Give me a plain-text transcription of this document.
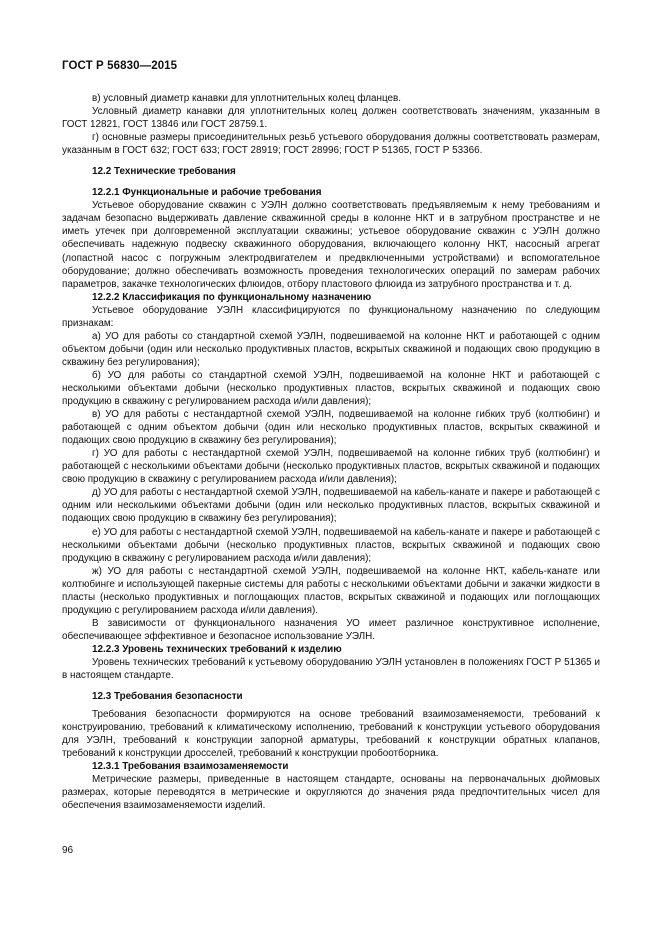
ГОСТ Р 56830—2015

в) условный диаметр канавки для уплотнительных колец фланцев.

Условный диаметр канавки для уплотнительных колец должен соответствовать значениям, указанным в ГОСТ 12821, ГОСТ 13846 или ГОСТ 28759.1.

г) основные размеры присоединительных резьб устьевого оборудования должны соответствовать размерам, указанным в ГОСТ 632; ГОСТ 633; ГОСТ 28919; ГОСТ 28996; ГОСТ Р 51365, ГОСТ Р 53366.

12.2 Технические требования

12.2.1 Функциональные и рабочие требования

Устьевое оборудование скважин с УЭЛН должно соответствовать предъявляемым к нему требованиям и задачам безопасно выдерживать давление скважинной среды в колонне НКТ и в затрубном пространстве и не иметь утечек при долговременной эксплуатации скважины; устьевое оборудование скважин с УЭЛН должно обеспечивать надежную подвеску скважинного оборудования, включающего колонну НКТ, насосный агрегат (лопастной насос с погружным электродвигателем и предвключенными устройствами) и вспомогательное оборудование; должно обеспечивать возможность проведения технологических операций по замерам рабочих параметров, закачке технологических флюидов, отбору пластового флюида из затрубного пространства и т. д.

12.2.2 Классификация по функциональному назначению

Устьевое оборудование УЭЛН классифицируются по функциональному назначению по следующим признакам:

а) УО для работы со стандартной схемой УЭЛН, подвешиваемой на колонне НКТ и работающей с одним объектом добычи (один или несколько продуктивных пластов, вскрытых скважиной и подающих свою продукцию в скважину без регулирования);

б) УО для работы со стандартной схемой УЭЛН, подвешиваемой на колонне НКТ и работающей с несколькими объектами добычи (несколько продуктивных пластов, вскрытых скважиной и подающих свою продукцию в скважину с регулированием расхода и/или давления);

в) УО для работы с нестандартной схемой УЭЛН, подвешиваемой на колонне гибких труб (колтюбинг) и работающей с одним объектом добычи (один или несколько продуктивных пластов, вскрытых скважиной и подающих свою продукцию в скважину без регулирования);

г) УО для работы с нестандартной схемой УЭЛН, подвешиваемой на колонне гибких труб (колтюбинг) и работающей с несколькими объектами добычи (несколько продуктивных пластов, вскрытых скважиной и подающих свою продукцию в скважину с регулированием расхода и/или давления);

д) УО для работы с нестандартной схемой УЭЛН, подвешиваемой на кабель-канате и пакере и работающей с одним или несколькими объектами добычи (один или несколько продуктивных пластов, вскрытых скважиной и подающих свою продукцию в скважину без регулирования);

е) УО для работы с нестандартной схемой УЭЛН, подвешиваемой на кабель-канате и пакере и работающей с несколькими объектами добычи (несколько продуктивных пластов, вскрытых скважиной и подающих свою продукцию в скважину с регулированием расхода и/или давления);

ж) УО для работы с нестандартной схемой УЭЛН, подвешиваемой на колонне НКТ, кабель-канате или колтюбинге и использующей пакерные системы для работы с несколькими объектами добычи и закачки жидкости в пласты (несколько продуктивных и поглощающих пластов, вскрытых скважиной и подающих или поглощающих продукцию с регулированием расхода и/или давления).

В зависимости от функционального назначения УО имеет различное конструктивное исполнение, обеспечивающее эффективное и безопасное использование УЭЛН.

12.2.3 Уровень технических требований к изделию

Уровень технических требований к устьевому оборудованию УЭЛН установлен в положениях ГОСТ Р 51365 и в настоящем стандарте.

12.3 Требования безопасности

Требования безопасности формируются на основе требований взаимозаменяемости, требований к конструированию, требований к климатическому исполнению, требований к конструкции устьевого оборудования для УЭЛН, требований к конструкции запорной арматуры, требований к конструкции обратных клапанов, требований к конструкции дросселей, требований к конструкции пробоотборника.

12.3.1 Требования взаимозаменяемости

Метрические размеры, приведенные в настоящем стандарте, основаны на первоначальных дюймовых размерах, которые переводятся в метрические и округляются до значения ряда предпочтительных чисел для обеспечения взаимозаменяемости изделий.

96
